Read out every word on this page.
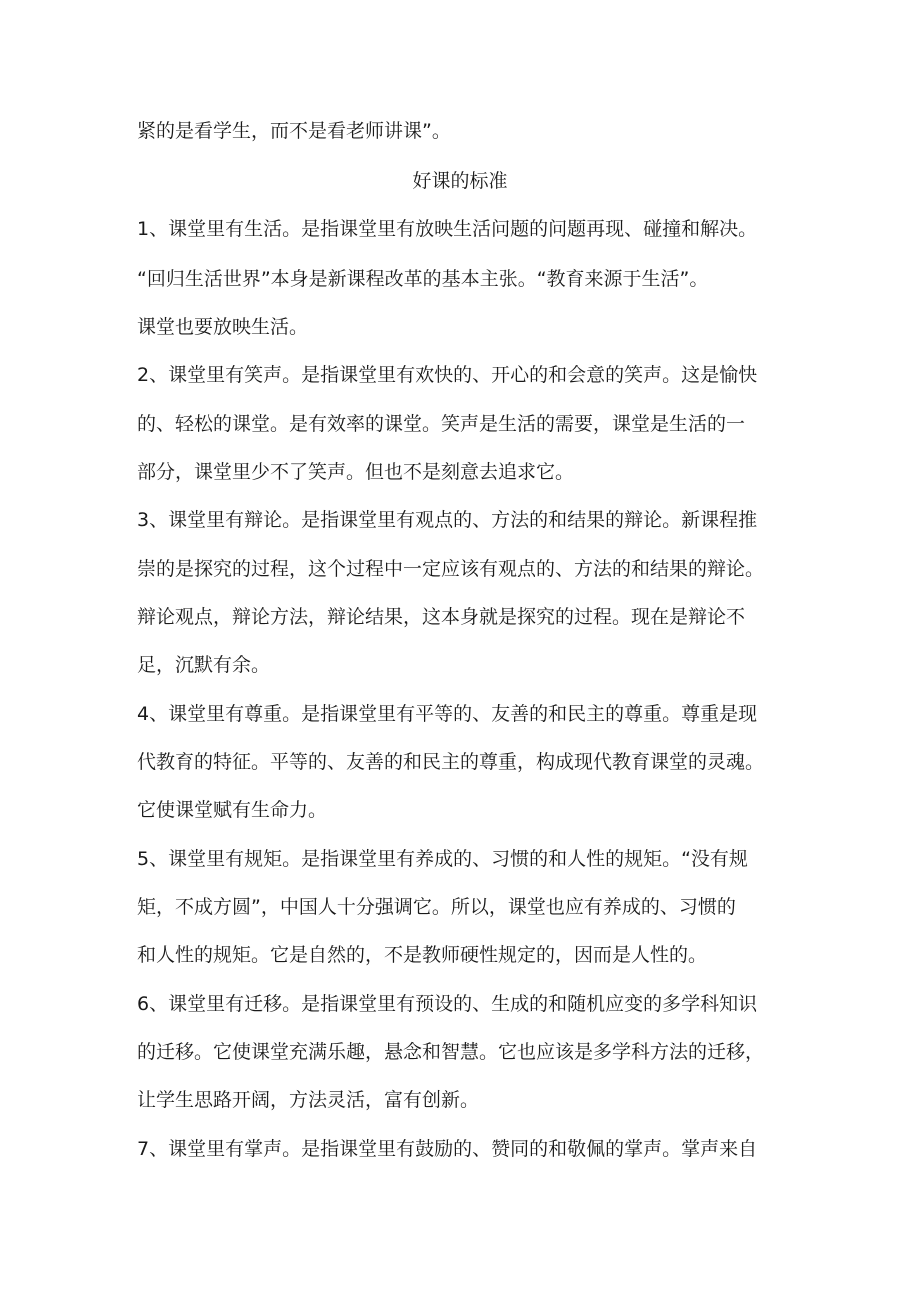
紧的是看学生，而不是看老师讲课”。
好课的标准
1、课堂里有生活。是指课堂里有放映生活问题的问题再现、碰撞和解决。
“回归生活世界”本身是新课程改革的基本主张。“教育来源于生活”。
课堂也要放映生活。
2、课堂里有笑声。是指课堂里有欢快的、开心的和会意的笑声。这是愉快
的、轻松的课堂。是有效率的课堂。笑声是生活的需要，课堂是生活的一
部分，课堂里少不了笑声。但也不是刻意去追求它。
3、课堂里有辩论。是指课堂里有观点的、方法的和结果的辩论。新课程推
崇的是探究的过程，这个过程中一定应该有观点的、方法的和结果的辩论。
辩论观点，辩论方法，辩论结果，这本身就是探究的过程。现在是辩论不
足，沉默有余。
4、课堂里有尊重。是指课堂里有平等的、友善的和民主的尊重。尊重是现
代教育的特征。平等的、友善的和民主的尊重，构成现代教育课堂的灵魂。
它使课堂赋有生命力。
5、课堂里有规矩。是指课堂里有养成的、习惯的和人性的规矩。“没有规
矩，不成方圆”，中国人十分强调它。所以，课堂也应有养成的、习惯的
和人性的规矩。它是自然的，不是教师硬性规定的，因而是人性的。
6、课堂里有迁移。是指课堂里有预设的、生成的和随机应变的多学科知识
的迁移。它使课堂充满乐趣，悬念和智慧。它也应该是多学科方法的迁移，
让学生思路开阔，方法灵活，富有创新。
7、课堂里有掌声。是指课堂里有鼓励的、赞同的和敬佩的掌声。掌声来自
